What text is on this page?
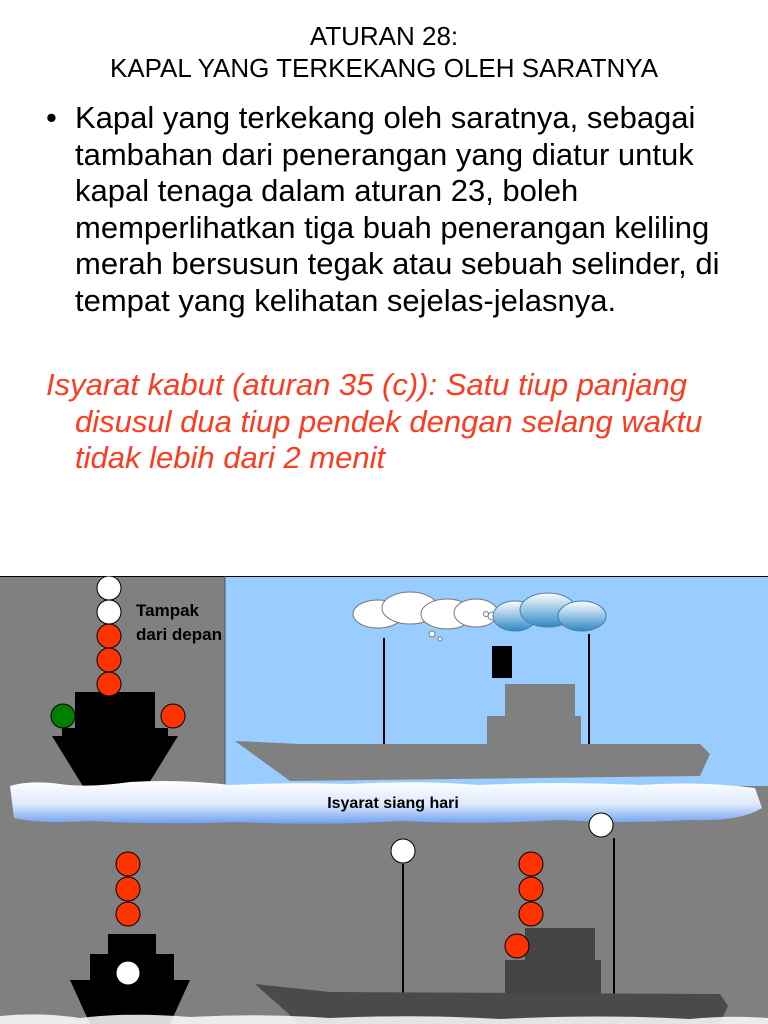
ATURAN 28:
KAPAL YANG TERKEKANG OLEH SARATNYA
• Kapal yang terkekang oleh saratnya, sebagai tambahan dari penerangan yang diatur untuk kapal tenaga dalam aturan 23, boleh memperlihatkan tiga buah penerangan keliling merah bersusun tegak atau sebuah selinder, di tempat yang kelihatan sejelas-jelasnya.
Isyarat kabut (aturan 35 (c)): Satu tiup panjang disusul dua tiup pendek dengan selang waktu tidak lebih dari 2 menit
Tampak dari depan
Isyarat siang hari
